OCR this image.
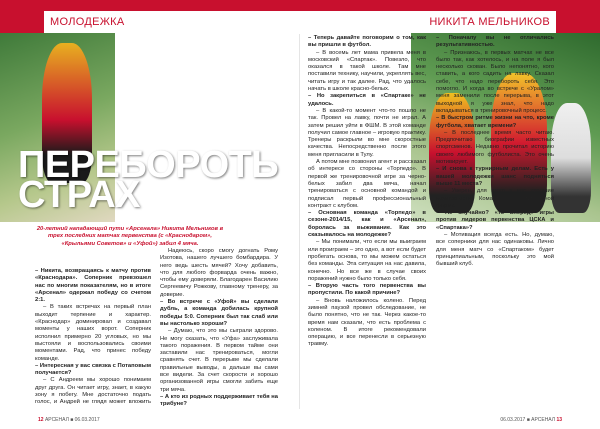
МОЛОДЕЖКА	НИКИТА МЕЛЬНИКОВ
ПЕРЕБОРОТЬ
СТРАХ
20-летний нападающий пути «Арсенала» Никита Мельников в трех последних матчах первенства (с «Краснодаром», «Крыльями Советов» и «Уфой») забил 4 мяча.

– Никита, возвращаясь к матчу против «Краснодара». Соперник превзошел нас по многим показателям, но в итоге «Арсенал» одержал победу со счетом 2:1.

– В таких встречах на первый план выходит терпение и характер. «Краснодар» доминировал и создавал моменты у наших ворот. Соперник исполнил примерно 20 угловых, но мы выстояли и воспользовались своими моментами. Рад, что принес победу команде.

– Интересная у вас связка с Потаповым получается?

– С Андреем мы хорошо понимаем друг друга. Он читает игру, знает, в какую зону я побегу. Мне достаточно подать голос, и Андрей не глядя может вложить

Надеюсь, скоро смогу догнать Рому Изотова, нашего лучшего бомбардира. У него ведь шесть мячей? Хочу добавить, что для любого форварда очень важно, чтобы ему доверяли. Благодарен Василию Сергеевичу Рожкову, главному тренеру, за доверие.

– Во встрече с «Уфой» вы сделали дубль, а команда добилась крупной победы 5:0. Соперник был так слаб или вы настолько хороши?

– Думаю, что это мы сыграли здорово. Не могу сказать, что «Уфа» заслуживала такого поражения. В первом тайме они заставили нас тренироваться, могли сравнять счет. В перерыве мы сделали правильные выводы, а дальше вы сами все видели. За счет скорости и хорошо организованной игры смогли забить еще три мяча.

– А кто из родных поддерживает тебя на трибуне?

– Теперь давайте поговорим о том, как вы пришли в футбол.

– В восемь лет мама привела меня в московский «Спартак». Повезло, что оказался в такой школе. Там мне поставили технику, научили, укреплять вес, читать игру и так далее. Рад, что удалось начать в школе красно-белых.

– Но закрепиться в «Спартаке» не удалось.

– В какой-то момент что-то пошло не так. Провел на лавку, почти не играл. А затем решил уйти в ФШМ. В этой команде получил самое главное – игровую практику. Тренеры раскрыли во мне скоростные качества. Непосредственно после этого меня пригласили в Тулу.

А потом мне позвонил агент и рассказал об интересе со стороны «Торпедо». В первой же тренировочной игре за черно-белых забил два мяча, начал тренироваться с основной командой и подписал первый профессиональный контракт с клубом.

– Основная команда «Торпедо» в сезоне-2014/15, как и «Арсенал», боролась за выживание. Как это сказывалось на молодежке?

– Мы понимали, что если мы выиграем или проиграем – это одно, а вот если будет пробегать основа, то мы можем остаться без команды. Эта ситуация на нас давила, конечно. Но все же в случае своих поражений нужно было только себя.

– Вторую часть того первенства вы пропустили. По какой причине?

– Вновь наложилось колено. Перед зимней паузой провел обследование, не было понятно, что не так. Через какое-то время нам сказали, что есть проблема с коленом. В итоге рекомендовали операцию, и все перенесли в серьезную травму.

– Поначалу вы не отличались результативностью.

– Признаюсь, в первых матчах не все было так, как хотелось, и на поле я был несколько скован. Было непонятно, кого ставить, а кого садить на лавку. Сказал себе, что надо перебороть себя. Это помогло. И когда во встрече с «Уралом» меня заменили после перерыва, в этот выходной я уже знал, что надо вкладываться в тренировочный процесс.

– В быстром ритме жизни на что, кроме футбола, хватает времени?

– В последнее время часто читаю. Предпочитаю биографии известных спортсменов. Недавно прочитал историю своего любимого футболиста. Это очень мотивирует.

– И снова к турнирным делам. Есть у вашей молодежки шанс подняться выше 11 места?

– Уверен, для этого у нас хорошие возможности. Команда в оптимальной форме.

– Не случайно? «то вперед» игры против лидеров первенства ЦСКА и «Спартака»?

– Мотивация всегда есть. Но, думаю, все соперники для нас одинаковы. Лично для меня матч со «Спартаком» будет принципиальным, поскольку это мой бывший клуб.

12 АРСЕНАЛ ■ 06.03.2017	06.03.2017 ■ АРСЕНАЛ 13
